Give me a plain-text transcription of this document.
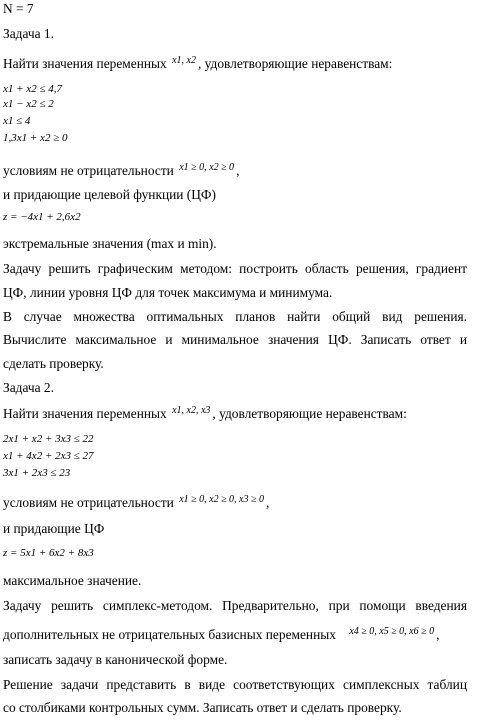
N = 7
Задача 1.
Найти значения переменных $^{x1, x2}$ , удовлетворяющие неравенствам:
x1 + x2 ≤ 4,7
x1 − x2 ≤ 2
x1 ≤ 4
1,3x1 + x2 ≥ 0
условиям не отрицательности $^{x1 \ge 0, x2 \ge 0}$ ,
и придающие целевой функции (ЦФ)
z = −4x1 + 2,6x2
экстремальные значения (max и min).
Задачу решить графическим методом: построить область решения, градиент
ЦФ, линии уровня ЦФ для точек максимума и минимума.
В случае множества оптимальных планов найти общий вид решения.
Вычислите максимальное и минимальное значения ЦФ. Записать ответ и
сделать проверку.
Задача 2.
Найти значения переменных $^{x1, x2, x3}$ , удовлетворяющие неравенствам:
2x1 + x2 + 3x3 ≤ 22
x1 + 4x2 + 2x3 ≤ 27
3x1 + 2x3 ≤ 23
условиям не отрицательности $^{x1 \ge 0, x2 \ge 0, x3 \ge 0}$ ,
и придающие ЦФ
z = 5x1 + 6x2 + 8x3
максимальное значение.
Задачу решить симплекс-методом. Предварительно, при помощи введения
дополнительных не отрицательных базисных переменных $^{x4 \ge 0, x5 \ge 0, x6 \ge 0}$ ,
записать задачу в канонической форме.
Решение задачи представить в виде соответствующих симплексных таблиц
со столбиками контрольных сумм. Записать ответ и сделать проверку.
